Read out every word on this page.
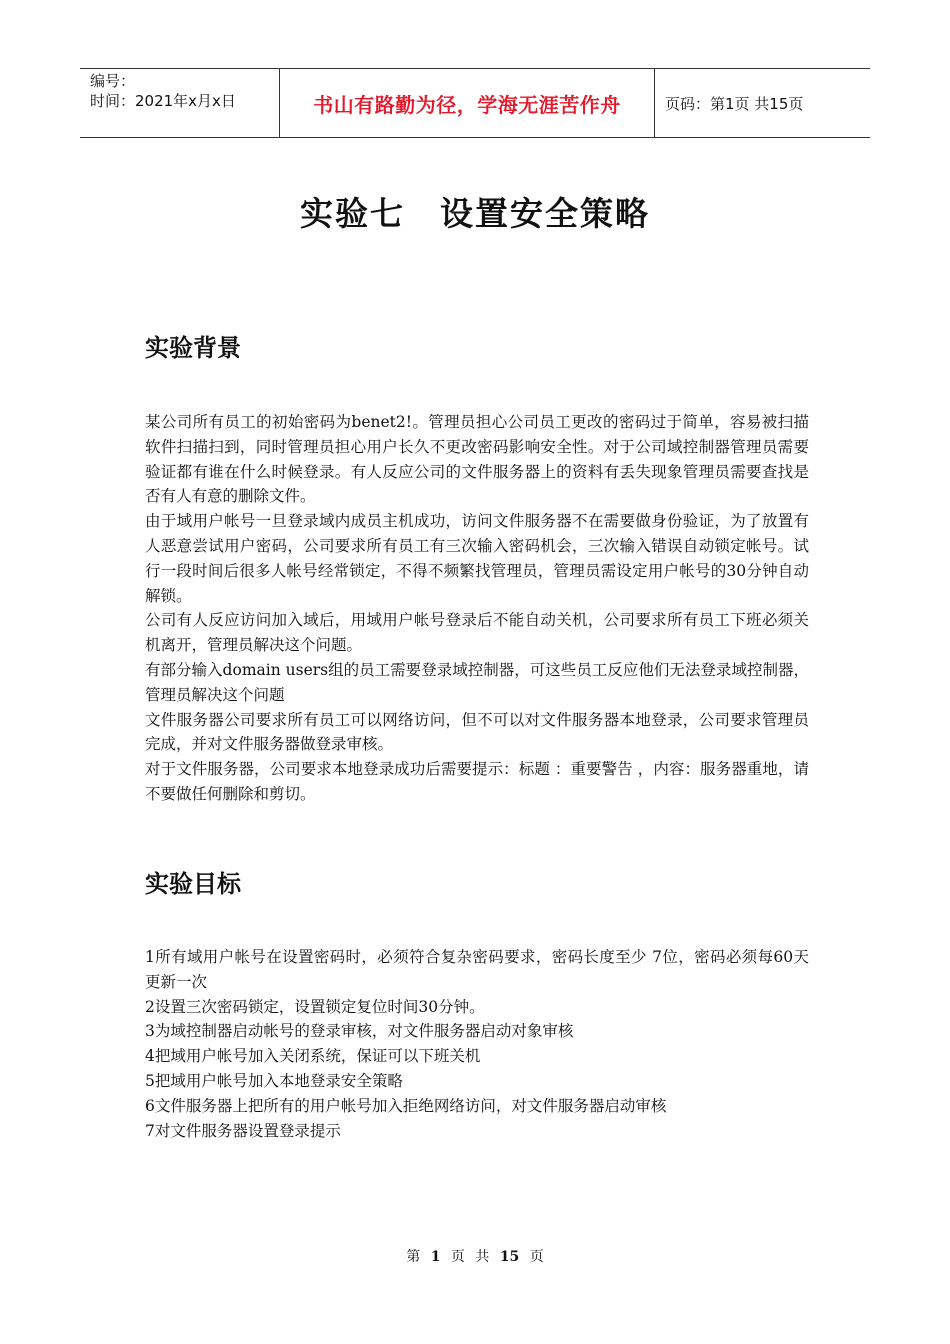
编号：
时间：2021年x月x日	书山有路勤为径，学海无涯苦作舟	页码：第1页 共15页
实验七　设置安全策略
实验背景

某公司所有员工的初始密码为benet2!。管理员担心公司员工更改的密码过于简单，容易被扫描软件扫描扫到，同时管理员担心用户长久不更改密码影响安全性。对于公司域控制器管理员需要验证都有谁在什么时候登录。有人反应公司的文件服务器上的资料有丢失现象管理员需要查找是否有人有意的删除文件。

由于域用户帐号一旦登录域内成员主机成功，访问文件服务器不在需要做身份验证，为了放置有人恶意尝试用户密码，公司要求所有员工有三次输入密码机会，三次输入错误自动锁定帐号。试行一段时间后很多人帐号经常锁定，不得不频繁找管理员，管理员需设定用户帐号的30分钟自动解锁。

公司有人反应访问加入域后，用域用户帐号登录后不能自动关机，公司要求所有员工下班必须关机离开，管理员解决这个问题。

有部分输入domain users组的员工需要登录域控制器，可这些员工反应他们无法登录域控制器，管理员解决这个问题

文件服务器公司要求所有员工可以网络访问，但不可以对文件服务器本地登录，公司要求管理员完成，并对文件服务器做登录审核。

对于文件服务器，公司要求本地登录成功后需要提示：标题 ：重要警告 ，内容：服务器重地，请不要做任何删除和剪切。

实验目标

1所有域用户帐号在设置密码时，必须符合复杂密码要求，密码长度至少 7位，密码必须每60天更新一次

2设置三次密码锁定，设置锁定复位时间30分钟。

3为域控制器启动帐号的登录审核，对文件服务器启动对象审核

4把域用户帐号加入关闭系统，保证可以下班关机

5把域用户帐号加入本地登录安全策略

6文件服务器上把所有的用户帐号加入拒绝网络访问，对文件服务器启动审核

7对文件服务器设置登录提示

第 1 页 共 15 页
